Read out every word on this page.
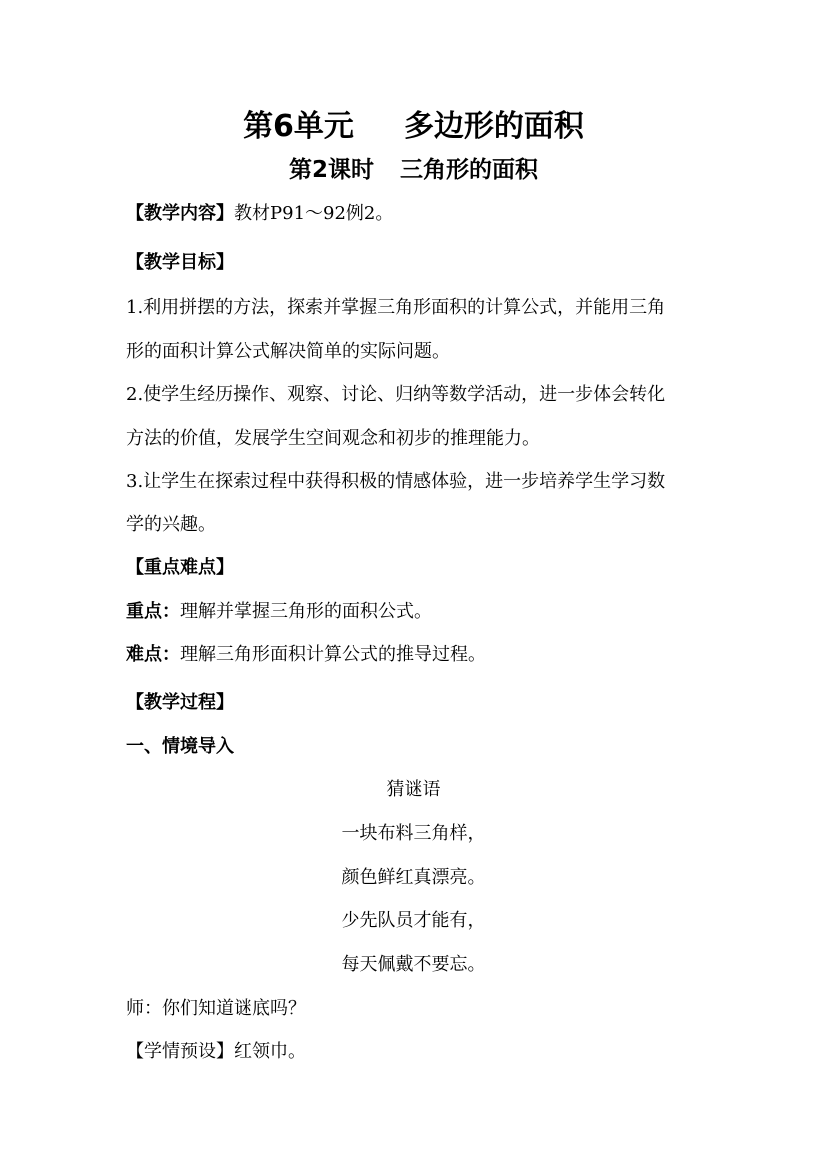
第6单元 多边形的面积
第2课时 三角形的面积
【教学内容】教材P91～92例2。
【教学目标】
1.利用拼摆的方法，探索并掌握三角形面积的计算公式，并能用三角
形的面积计算公式解决简单的实际问题。
2.使学生经历操作、观察、讨论、归纳等数学活动，进一步体会转化
方法的价值，发展学生空间观念和初步的推理能力。
3.让学生在探索过程中获得积极的情感体验，进一步培养学生学习数
学的兴趣。
【重点难点】
重点：理解并掌握三角形的面积公式。
难点：理解三角形面积计算公式的推导过程。
【教学过程】
一、情境导入
猜谜语
一块布料三角样，
颜色鲜红真漂亮。
少先队员才能有，
每天佩戴不要忘。
师：你们知道谜底吗？
【学情预设】红领巾。
